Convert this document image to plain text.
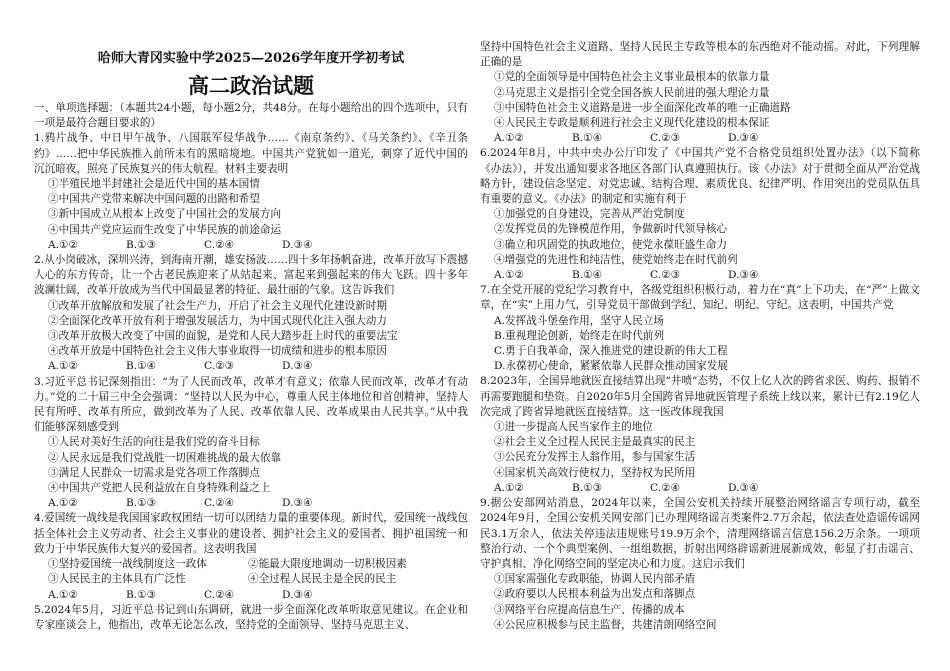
哈师大青冈实验中学2025—2026学年度开学初考试
高二政治试题

一、单项选择题：（本题共24小题，每小题2分，共48分。在每小题给出的四个选项中，只有一项是最符合题目要求的）

1.鸦片战争、中日甲午战争、八国联军侵华战争……《南京条约》、《马关条约》、《辛丑条约》……把中华民族推入前所未有的黑暗境地。中国共产党犹如一道光，刺穿了近代中国的沉沉暗夜，照亮了民族复兴的伟大航程。材料主要表明

①半殖民地半封建社会是近代中国的基本国情
②中国共产党带来解决中国问题的出路和希望
③新中国成立从根本上改变了中国社会的发展方向
④中国共产党应运而生改变了中华民族的前途命运
A.①②	B.①③	C.②④	D.③④

2.从小岗破冰，深圳兴涛，到海南开潮，雄安扬波……四十多年扬帆奋进，改革开放写下震撼人心的东方传奇，让一个古老民族迎来了从站起来、富起来到强起来的伟大飞跃。四十多年波澜壮阔，改革开放成为当代中国最显著的特征、最壮丽的气象。这告诉我们

①改革开放解放和发展了社会生产力，开启了社会主义现代化建设新时期
②全面深化改革开放有利于增强发展活力，为中国式现代化注入强大动力
③改革开放极大改变了中国的面貌，是党和人民大踏步赶上时代的重要法宝
④改革开放是中国特色社会主义伟大事业取得一切成绩和进步的根本原因
A.①②	B.①④	C.②③	D.③④

3.习近平总书记深刻指出：“为了人民而改革，改革才有意义；依靠人民而改革，改革才有动力。”党的二十届三中全会强调：“坚持以人民为中心，尊重人民主体地位和首创精神，坚持人民有所呼、改革有所应，做到改革为了人民、改革依靠人民、改革成果由人民共享。”从中我们能够深刻感受到

①人民对美好生活的向往是我们党的奋斗目标
②人民永远是我们党战胜一切困难挑战的最大依靠
③满足人民群众一切需求是党各项工作落脚点
④中国共产党把人民利益放在自身特殊利益之上
A.①②	B.①③	C.②④	D.③④

4.爱国统一战线是我国国家政权团结一切可以团结力量的重要体现。新时代，爱国统一战线包括全体社会主义劳动者、社会主义事业的建设者、拥护社会主义的爱国者、拥护祖国统一和致力于中华民族伟大复兴的爱国者。这表明我国

①坚持爱国统一战线制度这一政体	②能最大限度地调动一切积极因素
③人民民主的主体具有广泛性	④全过程人民民主是全民的民主
A.①②	B.①③	C.②④	D.③④

5.2024年5月，习近平总书记到山东调研，就进一步全面深化改革听取意见建议。在企业和专家座谈会上，他指出，改革无论怎么改，坚持党的全面领导、坚持马克思主义、

坚持中国特色社会主义道路、坚持人民民主专政等根本的东西绝对不能动摇。对此，下列理解正确的是

①党的全面领导是中国特色社会主义事业最根本的依靠力量
②马克思主义是指引全党全国各族人民前进的强大理论力量
③中国特色社会主义道路是进一步全面深化改革的唯一正确道路
④人民民主专政是顺利进行社会主义现代化建设的根本保证
A.①②	B.①④	C.②③	D.③④

6.2024年8月，中共中央办公厅印发了《中国共产党不合格党员组织处置办法》（以下简称《办法》），并发出通知要求各地区各部门认真遵照执行。该《办法》对于贯彻全面从严治党战略方针，建设信念坚定、对党忠诚、结构合理、素质优良、纪律严明、作用突出的党员队伍具有重要的意义。《办法》的制定和实施有利于

①加强党的自身建设，完善从严治党制度
②发挥党员的先锋模范作用，争做新时代领导核心
③确立和巩固党的执政地位，使党永葆旺盛生命力
④增强党的先进性和纯洁性，使党始终走在时代前列
A.①②	B.①④	C.②③	D.③④

7.在全党开展的党纪学习教育中，各级党组织积极行动，着力在“真”上下功夫，在“严”上做文章，在“实”上用力气，引导党员干部做到学纪、知纪、明纪、守纪。这表明，中国共产党

A.发挥战斗堡垒作用，坚守人民立场
B.重视理论创新，始终走在时代前列
C.勇于自我革命，深入推进党的建设新的伟大工程
D.永葆初心使命，紧紧依靠人民群众推动国家发展

8.2023年，全国异地就医直接结算出现“井喷”态势，不仅上亿人次的跨省求医、购药、报销不再需要跑腿和垫资。自2020年5月全国跨省异地就医管理子系统上线以来，累计已有2.19亿人次完成了跨省异地就医直接结算。这一医改体现我国

①进一步提高人民当家作主的地位
②社会主义全过程人民民主是最真实的民主
③公民充分发挥主人翁作用，参与国家生活
④国家机关高效行使权力，坚持权为民所用
A.①②	B.①③	C.②④	D.③④

9.据公安部网站消息，2024年以来，全国公安机关持续开展整治网络谣言专项行动，截至2024年9月，全国公安机关网安部门已办理网络谣言类案件2.7万余起，依法查处造谣传谣网民3.1万余人，依法关停违法违规账号19.9万余个，清理网络谣言信息156.2万余条。一项项整治行动、一个个典型案例、一组组数据，折射出网络辟谣新进展新成效，彰显了打击谣言、守护真相、净化网络空间的坚定决心和力度。这启示我们

①国家需强化专政职能，协调人民内部矛盾
②政府要以人民根本利益为出发点和落脚点
③网络平台应提高信息生产、传播的成本
④公民应积极参与民主监督，共建清朗网络空间
